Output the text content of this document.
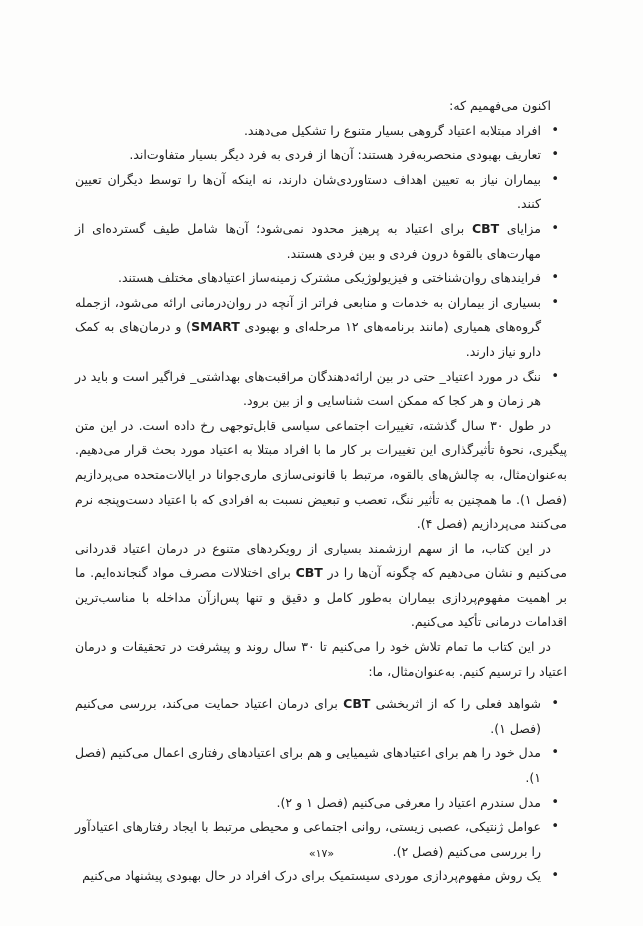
اکنون می‌فهمیم که:

• افراد مبتلابه اعتیاد گروهی بسیار متنوع را تشکیل می‌دهند.
• تعاریف بهبودی منحصربه‌فرد هستند: آن‌ها از فردی به فرد دیگر بسیار متفاوت‌اند.
• بیماران نیاز به تعیین اهداف دستاوردی‌شان دارند، نه اینکه آن‌ها را توسط دیگران تعیین کنند.
• مزایای CBT برای اعتیاد به پرهیز محدود نمی‌شود؛ آن‌ها شامل طیف گسترده‌ای از مهارت‌های بالقوۀ درون فردی و بین فردی هستند.
• فرایندهای روان‌شناختی و فیزیولوژیکی مشترک زمینه‌ساز اعتیادهای مختلف هستند.
• بسیاری از بیماران به خدمات و منابعی فراتر از آنچه در روان‌درمانی ارائه می‌شود، ازجمله گروه‌های همیاری (مانند برنامه‌های ۱۲ مرحله‌ای و بهبودی SMART) و درمان‌های به کمک دارو نیاز دارند.
• ننگ در مورد اعتیاد_ حتی در بین ارائه‌دهندگان مراقبت‌های بهداشتی_ فراگیر است و باید در هر زمان و هر کجا که ممکن است شناسایی و از بین برود.

در طول ۳۰ سال گذشته، تغییرات اجتماعی سیاسی قابل‌توجهی رخ داده است. در این متن پیگیری، نحوۀ تأثیرگذاری این تغییرات بر کار ما با افراد مبتلا به اعتیاد مورد بحث قرار می‌دهیم. به‌عنوان‌مثال، به چالش‌های بالقوه، مرتبط با قانونی‌سازی ماری‌جوانا در ایالات‌متحده می‌پردازیم (فصل ۱). ما همچنین به تأثیر ننگ، تعصب و تبعیض نسبت به افرادی که با اعتیاد دست‌وپنجه نرم می‌کنند می‌پردازیم (فصل ۴).

در این کتاب، ما از سهم ارزشمند بسیاری از رویکردهای متنوع در درمان اعتیاد قدردانی می‌کنیم و نشان می‌دهیم که چگونه آن‌ها را در CBT برای اختلالات مصرف مواد گنجانده‌ایم. ما بر اهمیت مفهوم‌پردازی بیماران به‌طور کامل و دقیق و تنها پس‌ازآن مداخله با مناسب‌ترین اقدامات درمانی تأکید می‌کنیم.

در این کتاب ما تمام تلاش خود را می‌کنیم تا ۳۰ سال روند و پیشرفت در تحقیقات و درمان اعتیاد را ترسیم کنیم. به‌عنوان‌مثال، ما:

• شواهد فعلی را که از اثربخشی CBT برای درمان اعتیاد حمایت می‌کند، بررسی می‌کنیم (فصل ۱).
• مدل خود را هم برای اعتیادهای شیمیایی و هم برای اعتیادهای رفتاری اعمال می‌کنیم (فصل ۱).
• مدل سندرم اعتیاد را معرفی می‌کنیم (فصل ۱ و ۲).
• عوامل ژنتیکی، عصبی زیستی، روانی اجتماعی و محیطی مرتبط با ایجاد رفتارهای اعتیادآور را بررسی می‌کنیم (فصل ۲).
• یک روش مفهوم‌پردازی موردی سیستمیک برای درک افراد در حال بهبودی پیشنهاد می‌کنیم
«۱۷»
